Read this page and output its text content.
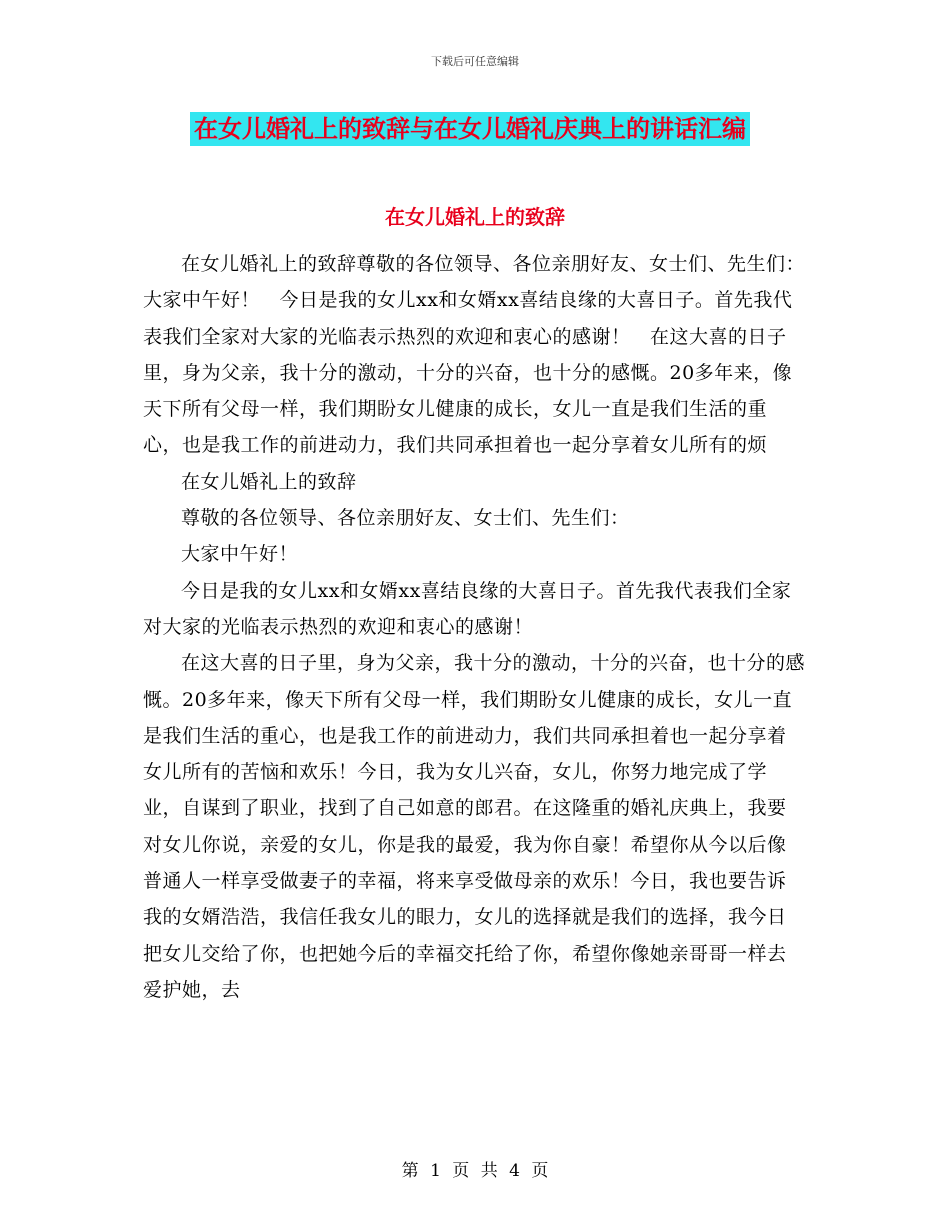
下载后可任意编辑
在女儿婚礼上的致辞与在女儿婚礼庆典上的讲话汇编
在女儿婚礼上的致辞

在女儿婚礼上的致辞尊敬的各位领导、各位亲朋好友、女士们、先生们：大家中午好！　今日是我的女儿xx和女婿xx喜结良缘的大喜日子。首先我代表我们全家对大家的光临表示热烈的欢迎和衷心的感谢！　在这大喜的日子里，身为父亲，我十分的激动，十分的兴奋，也十分的感慨。20多年来，像天下所有父母一样，我们期盼女儿健康的成长，女儿一直是我们生活的重心，也是我工作的前进动力，我们共同承担着也一起分享着女儿所有的烦

在女儿婚礼上的致辞

尊敬的各位领导、各位亲朋好友、女士们、先生们：

大家中午好！

今日是我的女儿xx和女婿xx喜结良缘的大喜日子。首先我代表我们全家对大家的光临表示热烈的欢迎和衷心的感谢！

在这大喜的日子里，身为父亲，我十分的激动，十分的兴奋，也十分的感慨。20多年来，像天下所有父母一样，我们期盼女儿健康的成长，女儿一直是我们生活的重心，也是我工作的前进动力，我们共同承担着也一起分享着女儿所有的苦恼和欢乐！今日，我为女儿兴奋，女儿，你努力地完成了学业，自谋到了职业，找到了自己如意的郎君。在这隆重的婚礼庆典上，我要对女儿你说，亲爱的女儿，你是我的最爱，我为你自豪！希望你从今以后像普通人一样享受做妻子的幸福，将来享受做母亲的欢乐！今日，我也要告诉我的女婿浩浩，我信任我女儿的眼力，女儿的选择就是我们的选择，我今日把女儿交给了你，也把她今后的幸福交托给了你，希望你像她亲哥哥一样去爱护她，去

第 1 页 共 4 页
